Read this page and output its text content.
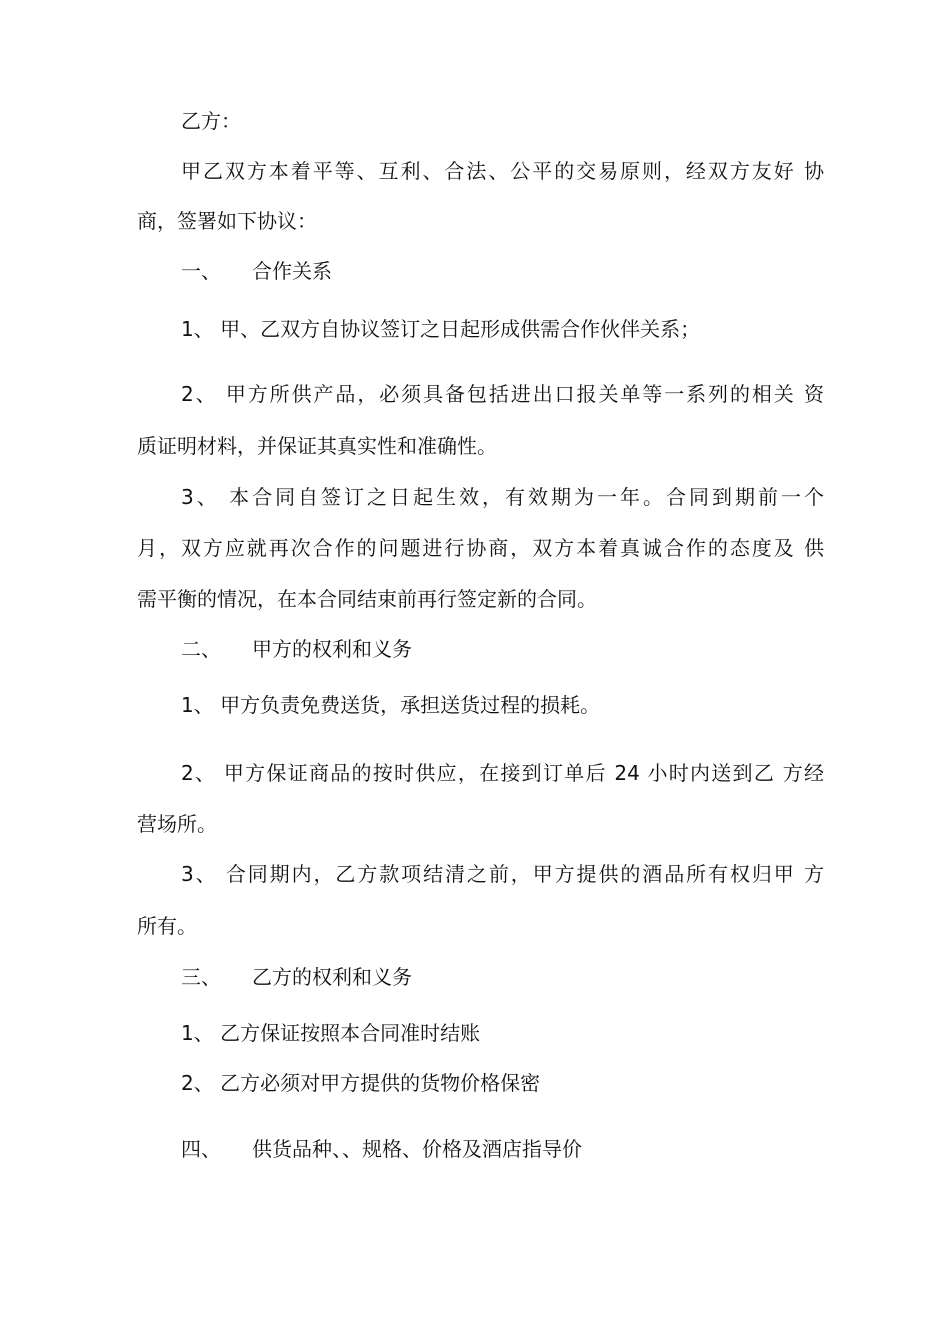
乙方：
甲乙双方本着平等、互利、合法、公平的交易原则，经双方友好 协
商，签署如下协议：
一、 合作关系
1、 甲、乙双方自协议签订之日起形成供需合作伙伴关系；
2、 甲方所供产品，必须具备包括进出口报关单等一系列的相关 资
质证明材料，并保证其真实性和准确性。
3、 本合同自签订之日起生效，有效期为一年。合同到期前一个
月，双方应就再次合作的问题进行协商，双方本着真诚合作的态度及 供
需平衡的情况，在本合同结束前再行签定新的合同。
二、 甲方的权利和义务
1、 甲方负责免费送货，承担送货过程的损耗。
2、 甲方保证商品的按时供应，在接到订单后 24 小时内送到乙 方经
营场所。
3、 合同期内，乙方款项结清之前，甲方提供的酒品所有权归甲 方
所有。
三、 乙方的权利和义务
1、 乙方保证按照本合同准时结账
2、 乙方必须对甲方提供的货物价格保密
四、 供货品种、、规格、价格及酒店指导价
